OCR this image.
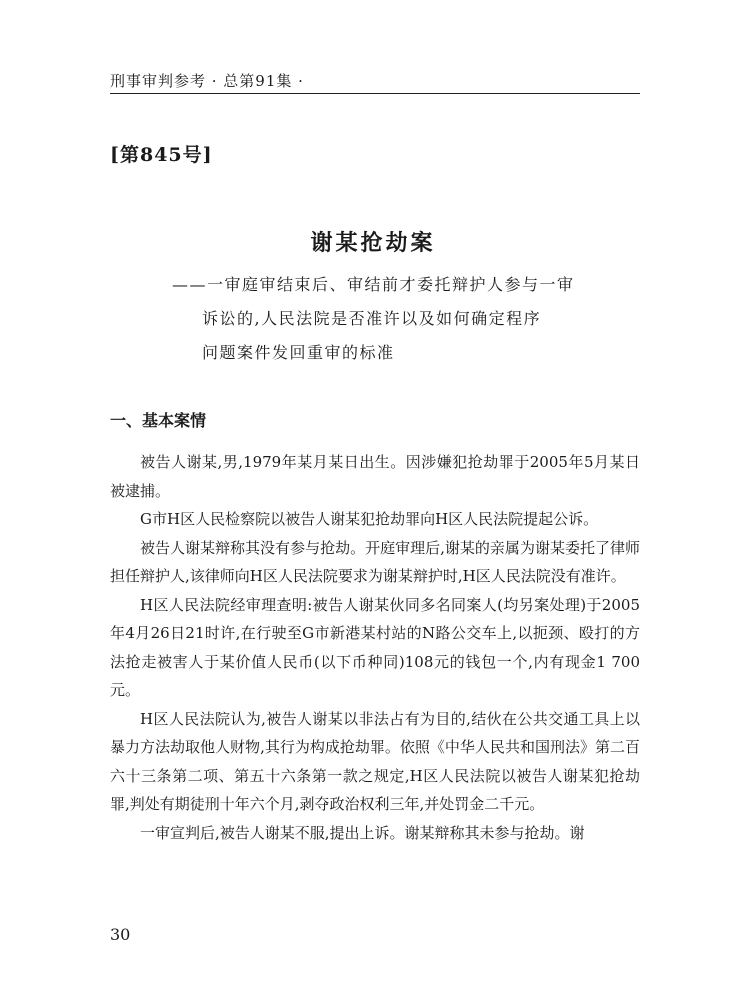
刑事审判参考 · 总第91集 ·
[第845号]
谢某抢劫案
——一审庭审结束后、审结前才委托辩护人参与一审
诉讼的,人民法院是否准许以及如何确定程序
问题案件发回重审的标准
一、基本案情

被告人谢某,男,1979年某月某日出生。因涉嫌犯抢劫罪于2005年5月某日被逮捕。

G市H区人民检察院以被告人谢某犯抢劫罪向H区人民法院提起公诉。

被告人谢某辩称其没有参与抢劫。开庭审理后,谢某的亲属为谢某委托了律师担任辩护人,该律师向H区人民法院要求为谢某辩护时,H区人民法院没有准许。

H区人民法院经审理查明:被告人谢某伙同多名同案人(均另案处理)于2005年4月26日21时许,在行驶至G市新港某村站的N路公交车上,以扼颈、殴打的方法抢走被害人于某价值人民币(以下币种同)108元的钱包一个,内有现金1 700元。

H区人民法院认为,被告人谢某以非法占有为目的,结伙在公共交通工具上以暴力方法劫取他人财物,其行为构成抢劫罪。依照《中华人民共和国刑法》第二百六十三条第二项、第五十六条第一款之规定,H区人民法院以被告人谢某犯抢劫罪,判处有期徒刑十年六个月,剥夺政治权利三年,并处罚金二千元。

一审宣判后,被告人谢某不服,提出上诉。谢某辩称其未参与抢劫。谢

30
